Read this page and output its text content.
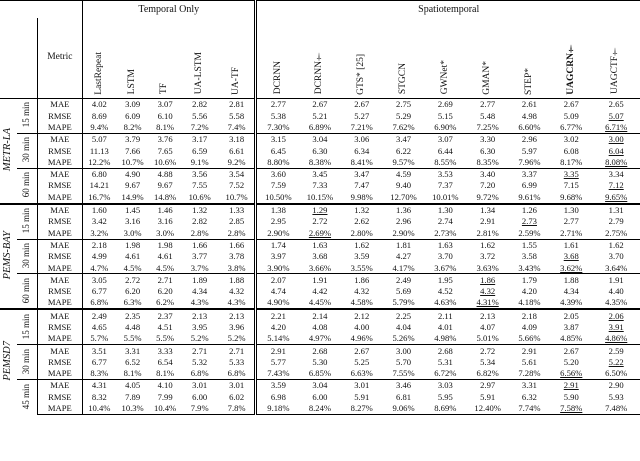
			Temporal Only					Spatiotemporal								
		Metric	LastRepeat	LSTM	TF	UA-LSTM	UA-TF	DCRNN	DCRNN†	GTS* [25]	STGCN	GWNet*	GMAN*	STEP*	UAGCRN†	UAGCTF†
METR-LA	15 min	MAE	4.02	3.09	3.07	2.82	2.81	2.77	2.67	2.67	2.75	2.69	2.77	2.61	2.67	2.65
		RMSE	8.69	6.09	6.10	5.56	5.58	5.38	5.21	5.27	5.29	5.15	5.48	4.98	5.09	5.07
		MAPE	9.4%	8.2%	8.1%	7.2%	7.4%	7.30%	6.89%	7.21%	7.62%	6.90%	7.25%	6.60%	6.77%	6.71%
	30 min	MAE	5.07	3.79	3.76	3.17	3.18	3.15	3.04	3.06	3.47	3.07	3.30	2.96	3.02	3.00
		RMSE	11.13	7.66	7.65	6.59	6.61	6.45	6.30	6.34	6.22	6.44	6.30	5.97	6.08	6.04
		MAPE	12.2%	10.7%	10.6%	9.1%	9.2%	8.80%	8.38%	8.41%	9.57%	8.55%	8.35%	7.96%	8.17%	8.08%
	60 min	MAE	6.80	4.90	4.88	3.56	3.54	3.60	3.45	3.47	4.59	3.53	3.40	3.37	3.35	3.34
		RMSE	14.21	9.67	9.67	7.55	7.52	7.59	7.33	7.47	9.40	7.37	7.20	6.99	7.15	7.12
		MAPE	16.7%	14.9%	14.8%	10.6%	10.7%	10.50%	10.15%	9.98%	12.70%	10.01%	9.72%	9.61%	9.68%	9.65%
PEMS-BAY	15 min	MAE	1.60	1.45	1.46	1.32	1.33	1.38	1.29	1.32	1.36	1.30	1.34	1.26	1.30	1.31
		RMSE	3.42	3.16	3.16	2.82	2.85	2.95	2.72	2.62	2.96	2.74	2.91	2.73	2.77	2.79
		MAPE	3.2%	3.0%	3.0%	2.8%	2.8%	2.90%	2.69%	2.80%	2.90%	2.73%	2.81%	2.59%	2.71%	2.75%
	30 min	MAE	2.18	1.98	1.98	1.66	1.66	1.74	1.63	1.62	1.81	1.63	1.62	1.55	1.61	1.62
		RMSE	4.99	4.61	4.61	3.77	3.78	3.97	3.68	3.59	4.27	3.70	3.72	3.58	3.68	3.70
		MAPE	4.7%	4.5%	4.5%	3.7%	3.8%	3.90%	3.66%	3.55%	4.17%	3.67%	3.63%	3.43%	3.62%	3.64%
	60 min	MAE	3.05	2.72	2.71	1.89	1.88	2.07	1.91	1.86	2.49	1.95	1.86	1.79	1.88	1.91
		RMSE	6.77	6.20	6.20	4.34	4.32	4.74	4.42	4.32	5.69	4.52	4.32	4.20	4.34	4.40
		MAPE	6.8%	6.3%	6.2%	4.3%	4.3%	4.90%	4.45%	4.58%	5.79%	4.63%	4.31%	4.18%	4.39%	4.35%
PEMSD7	15 min	MAE	2.49	2.35	2.37	2.13	2.13	2.21	2.14	2.12	2.25	2.11	2.13	2.18	2.05	2.06
		RMSE	4.65	4.48	4.51	3.95	3.96	4.20	4.08	4.00	4.04	4.01	4.07	4.09	3.87	3.91
		MAPE	5.7%	5.5%	5.5%	5.2%	5.2%	5.14%	4.97%	4.96%	5.26%	4.98%	5.01%	5.66%	4.85%	4.86%
	30 min	MAE	3.51	3.31	3.33	2.71	2.71	2.91	2.68	2.67	3.00	2.68	2.72	2.91	2.67	2.59
		RMSE	6.77	6.52	6.54	5.32	5.33	5.77	5.30	5.25	5.70	5.31	5.34	5.61	5.20	5.22
		MAPE	8.3%	8.1%	8.1%	6.8%	6.8%	7.43%	6.85%	6.63%	7.55%	6.72%	6.82%	7.28%	6.56%	6.50%
	45 min	MAE	4.31	4.05	4.10	3.01	3.01	3.59	3.04	3.01	3.46	3.03	2.97	3.31	2.91	2.90
		RMSE	8.32	7.89	7.99	6.00	6.02	6.98	6.00	5.91	6.81	5.95	5.91	6.32	5.90	5.93
		MAPE	10.4%	10.3%	10.4%	7.9%	7.8%	9.18%	8.24%	8.27%	9.06%	8.69%	12.40%	7.74%	7.58%	7.48%
